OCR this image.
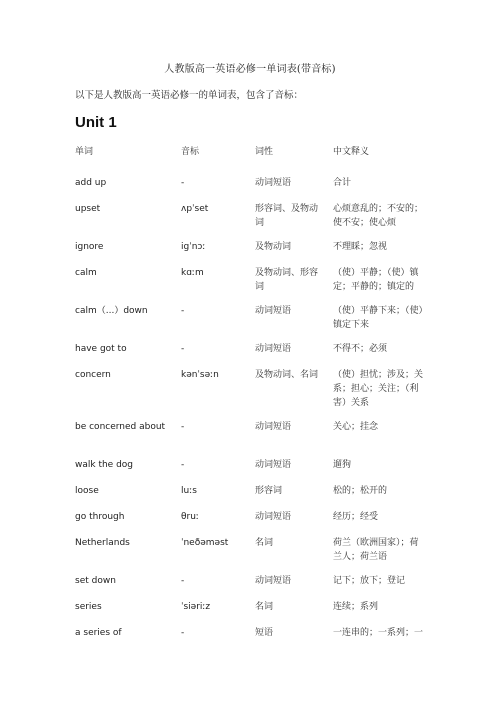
人教版高一英语必修一单词表(带音标)
以下是人教版高一英语必修一的单词表，包含了音标：
Unit 1
单词	音标	词性	中文释义
add up	-	动词短语	合计
upset	ʌpˈset	形容词、及物动词	心烦意乱的；不安的；使不安；使心烦
ignore	igˈnɔː	及物动词	不理睬；忽视
calm	kɑːm	及物动词、形容词	（使）平静；（使）镇定；平静的；镇定的
calm（...）down	-	动词短语	（使）平静下来；（使）镇定下来
have got to	-	动词短语	不得不；必须
concern	kənˈsəːn	及物动词、名词	（使）担忧；涉及；关系；担心；关注；（利害）关系
be concerned about	-	动词短语	关心；挂念
walk the dog	-	动词短语	遛狗
loose	luːs	形容词	松的；松开的
go through	θruː	动词短语	经历；经受
Netherlands	ˈneðəməst	名词	荷兰（欧洲国家）；荷兰人；荷兰语
set down	-	动词短语	记下；放下；登记
series	ˈsiəriːz	名词	连续；系列
a series of	-	短语	一连串的；一系列；一
